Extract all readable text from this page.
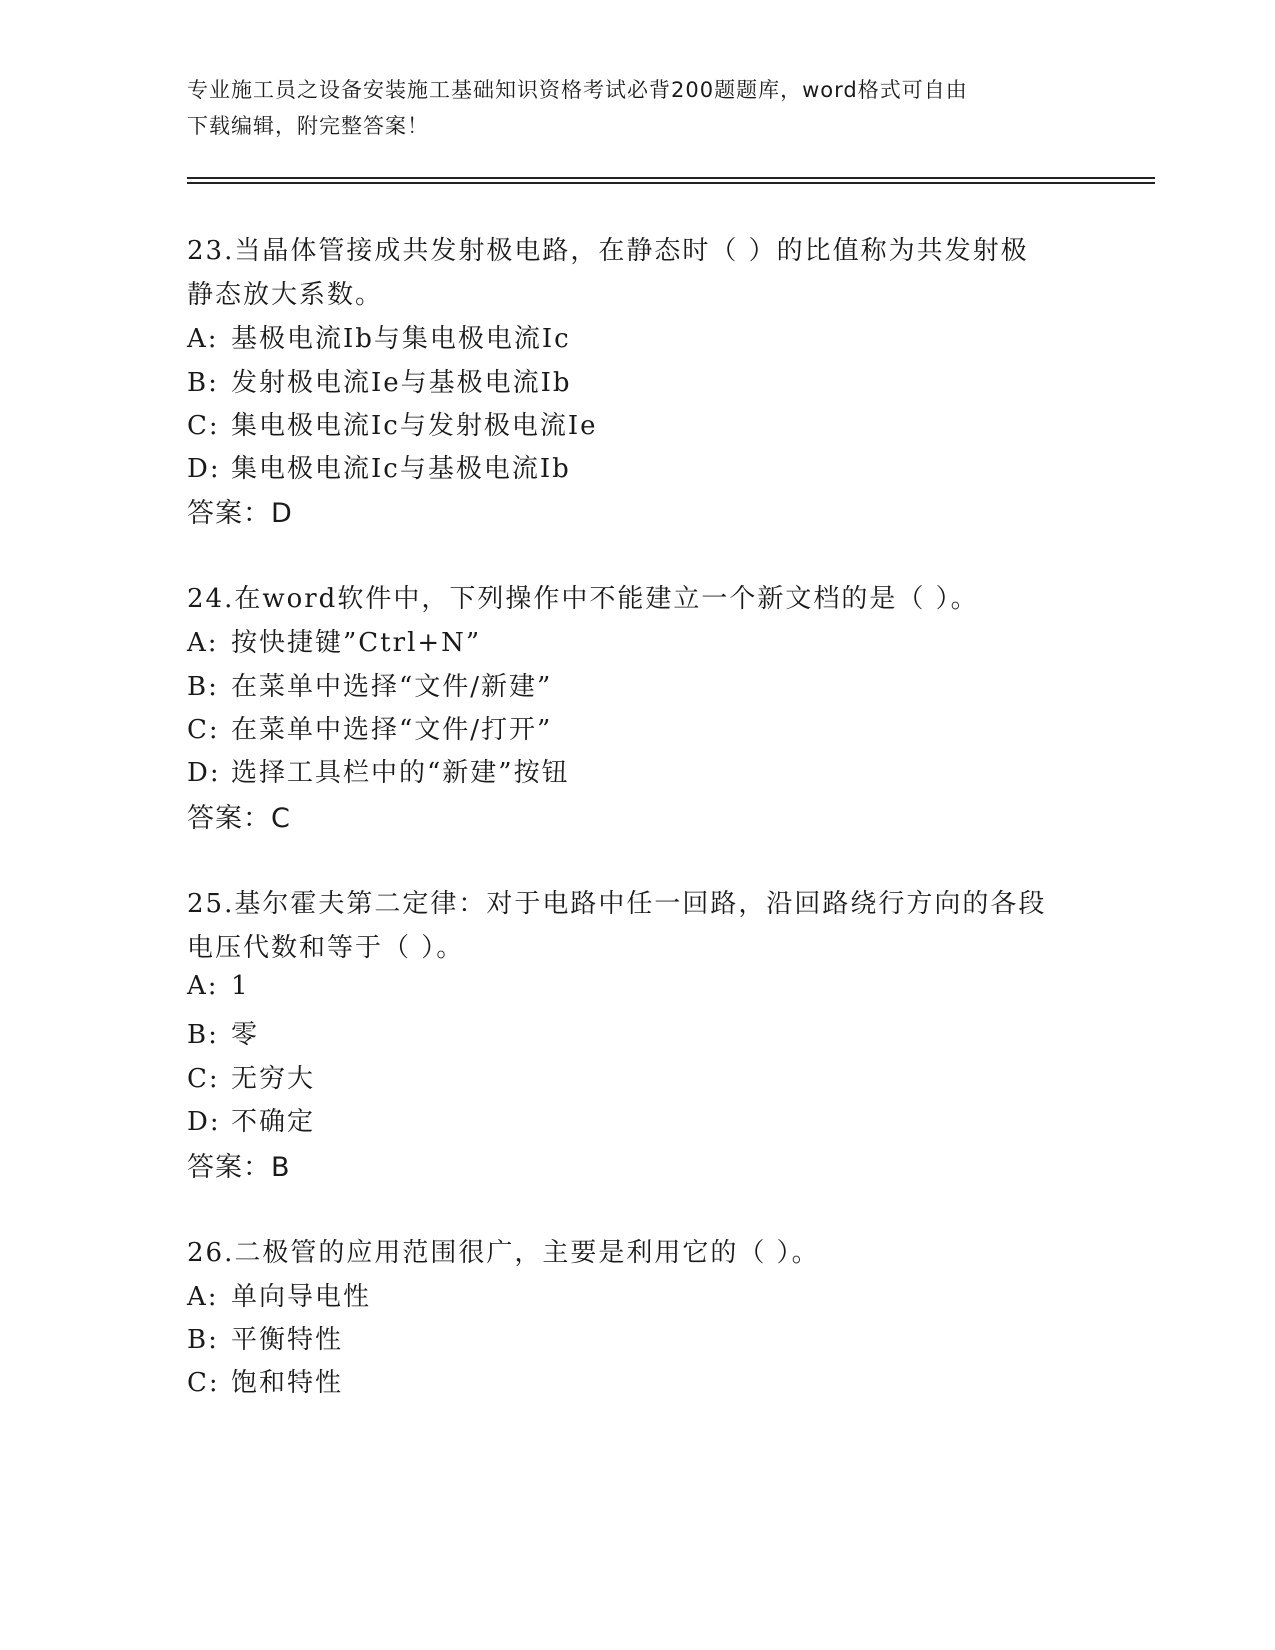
专业施工员之设备安装施工基础知识资格考试必背200题题库，word格式可自由
下载编辑，附完整答案！
23.当晶体管接成共发射极电路，在静态时（ ）的比值称为共发射极
静态放大系数。
A: 基极电流Ib与集电极电流Ic
B: 发射极电流Ie与基极电流Ib
C: 集电极电流Ic与发射极电流Ie
D: 集电极电流Ic与基极电流Ib
答案：D
24.在word软件中，下列操作中不能建立一个新文档的是（ ）。
A: 按快捷键”Ctrl+N”
B: 在菜单中选择“文件/新建”
C: 在菜单中选择“文件/打开”
D: 选择工具栏中的“新建”按钮
答案：C
25.基尔霍夫第二定律：对于电路中任一回路，沿回路绕行方向的各段
电压代数和等于（ ）。
A: 1
B: 零
C: 无穷大
D: 不确定
答案：B
26.二极管的应用范围很广，主要是利用它的（ ）。
A: 单向导电性
B: 平衡特性
C: 饱和特性
